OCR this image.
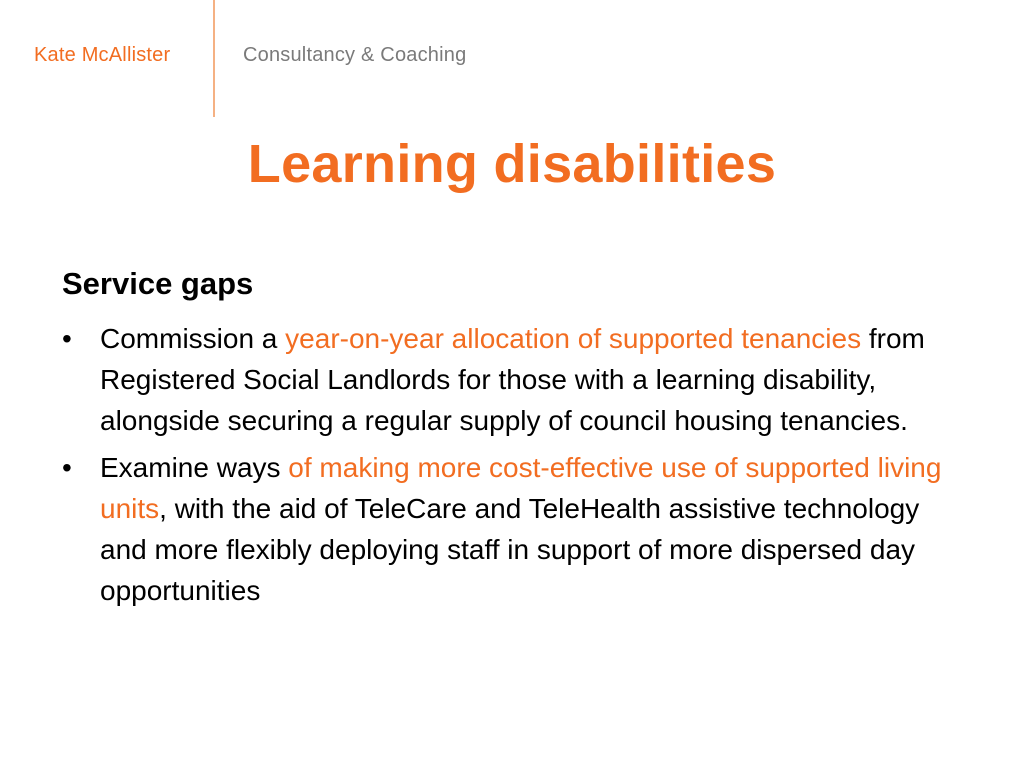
Kate McAllister	Consultancy & Coaching
Learning disabilities
Service gaps
• Commission a year-on-year allocation of supported tenancies from Registered Social Landlords for those with a learning disability, alongside securing a regular supply of council housing tenancies.
• Examine ways of making more cost-effective use of supported living units, with the aid of TeleCare and TeleHealth assistive technology and more flexibly deploying staff in support of more dispersed day opportunities
